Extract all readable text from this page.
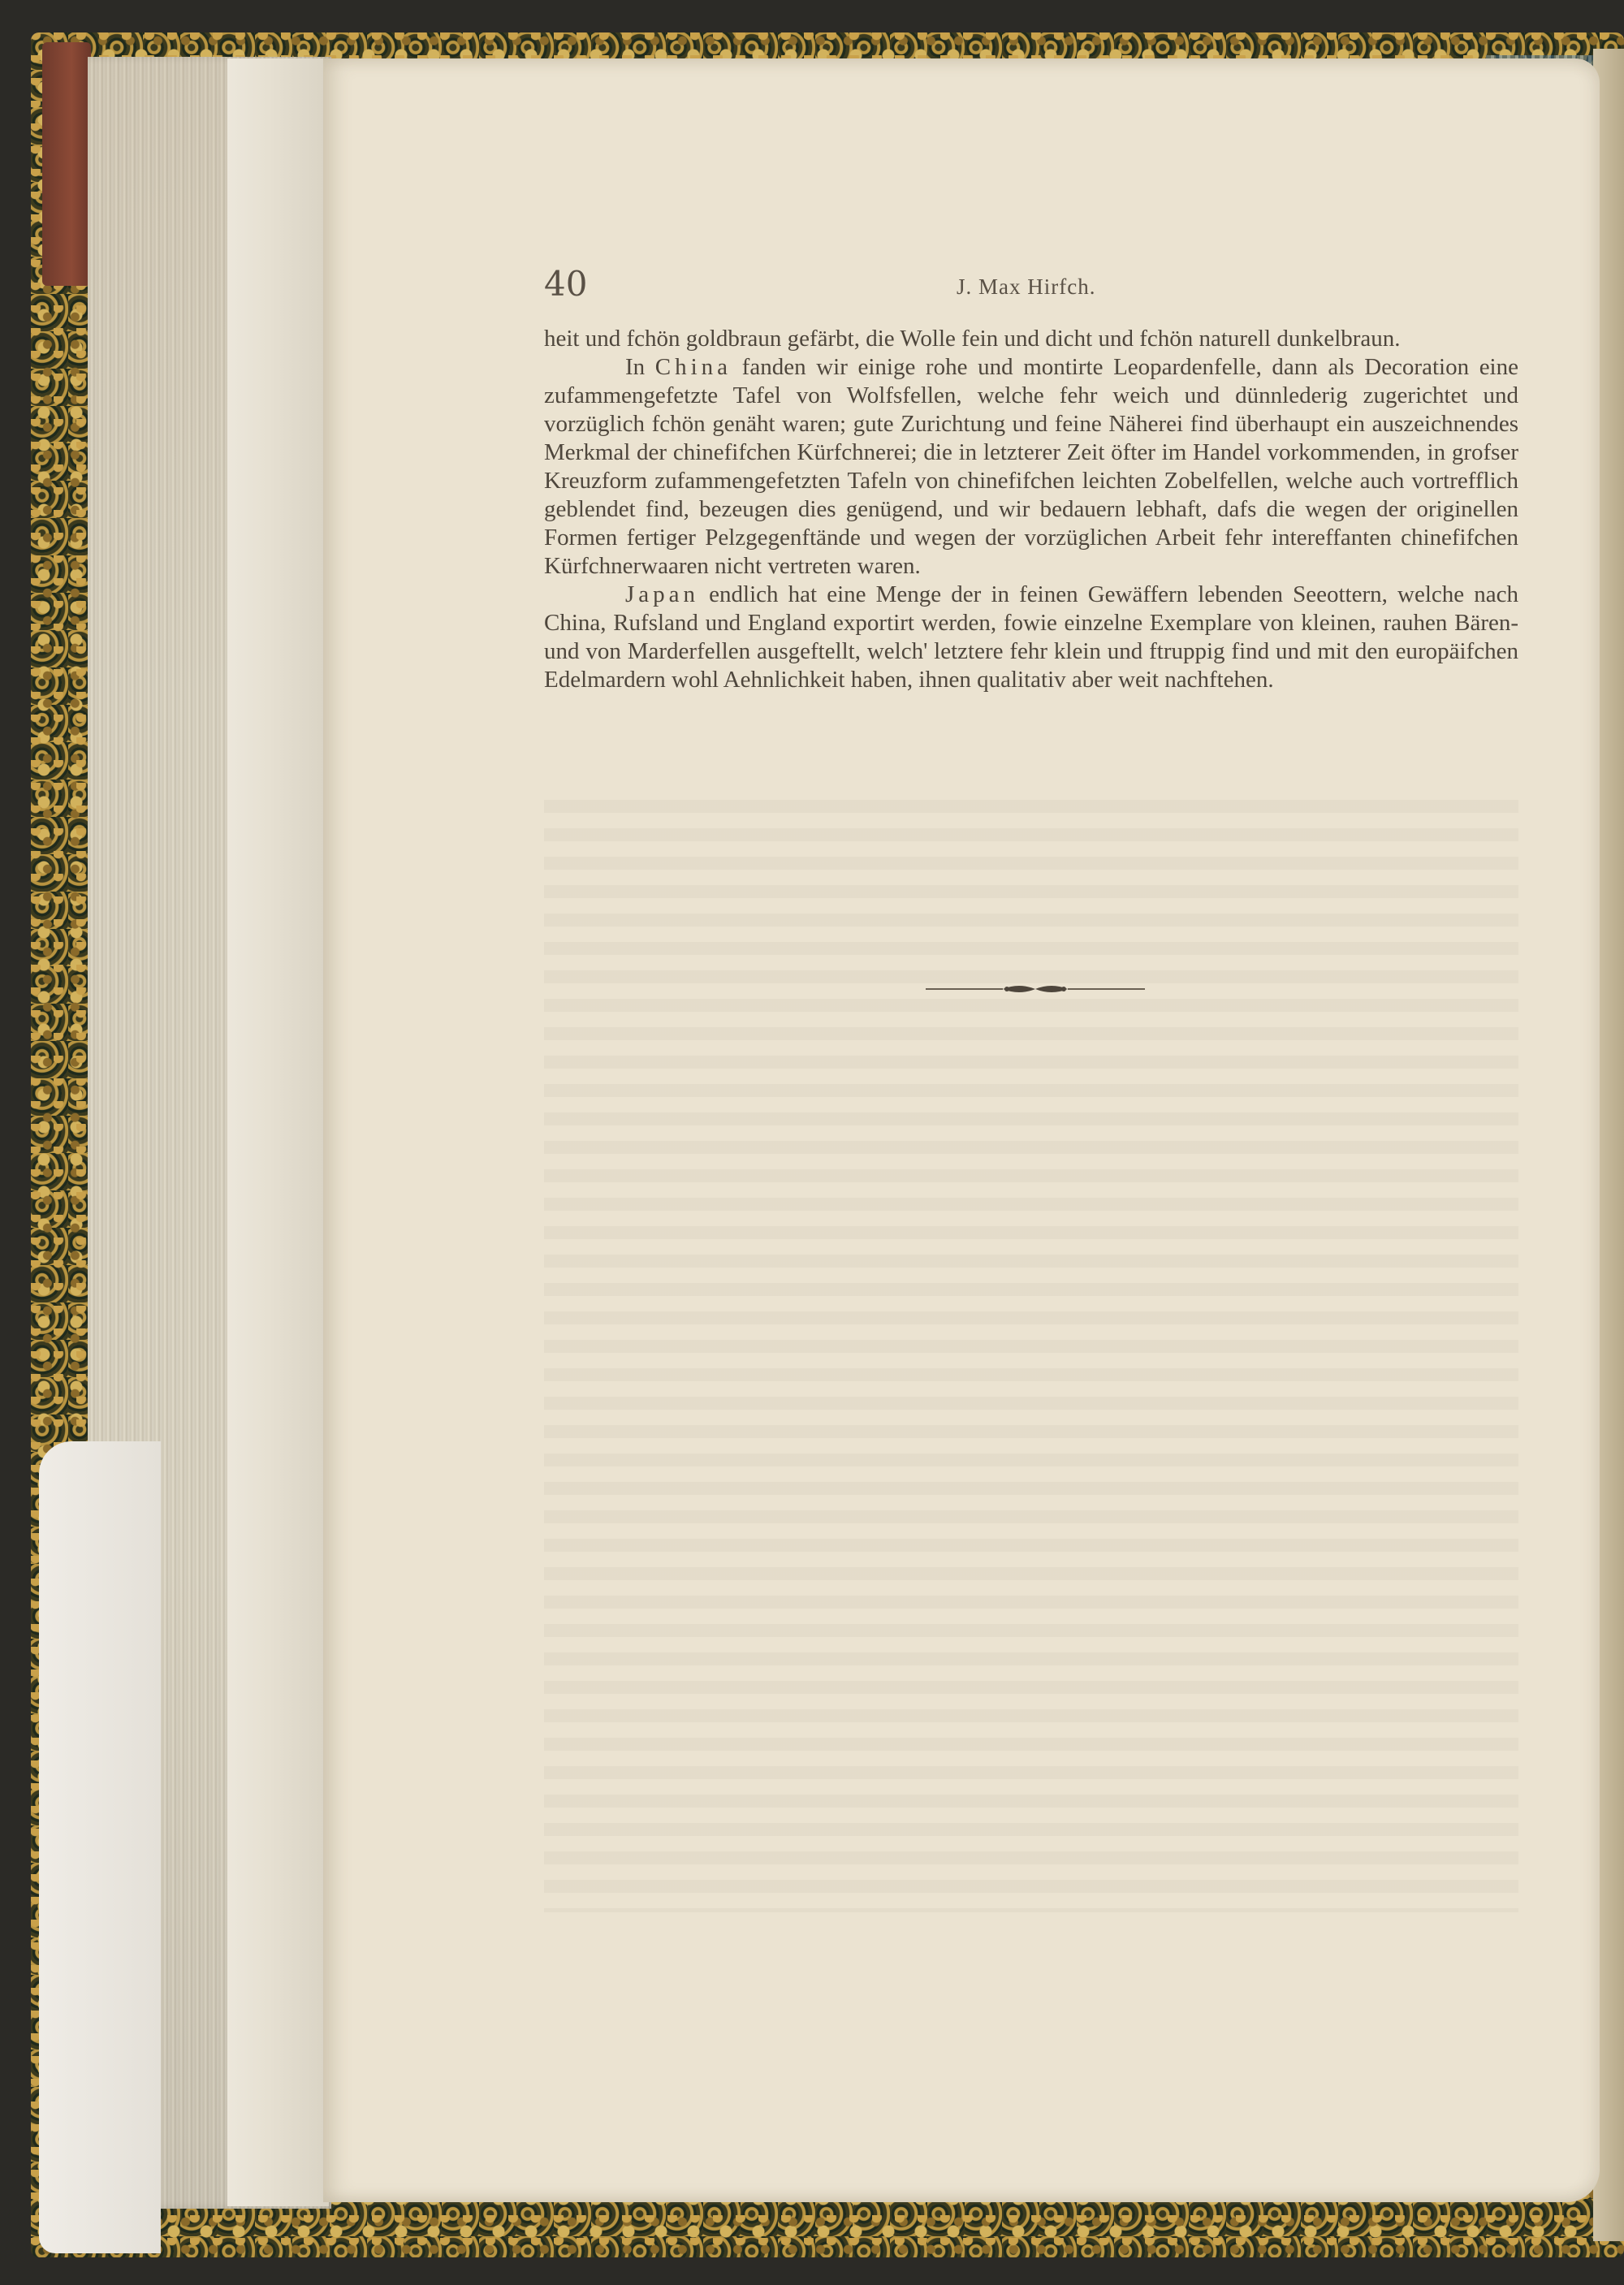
40	J. Max Hirfch.

heit und fchön goldbraun gefärbt, die Wolle fein und dicht und fchön naturell dunkelbraun.

In China fanden wir einige rohe und montirte Leopardenfelle, dann als Decoration eine zufammengefetzte Tafel von Wolfsfellen, welche fehr weich und dünnlederig zugerichtet und vorzüglich fchön genäht waren; gute Zurichtung und feine Näherei find überhaupt ein auszeichnendes Merkmal der chinefifchen Kürfchnerei; die in letzterer Zeit öfter im Handel vorkommenden, in grofser Kreuzform zufammengefetzten Tafeln von chinefifchen leichten Zobelfellen, welche auch vortrefflich geblendet find, bezeugen dies genügend, und wir bedauern lebhaft, dafs die wegen der originellen Formen fertiger Pelzgegenftände und wegen der vorzüglichen Arbeit fehr intereffanten chinefifchen Kürfchnerwaaren nicht vertreten waren.

Japan endlich hat eine Menge der in feinen Gewäffern lebenden Seeottern, welche nach China, Rufsland und England exportirt werden, fowie einzelne Exemplare von kleinen, rauhen Bären- und von Marderfellen ausgeftellt, welch' letztere fehr klein und ftruppig find und mit den europäifchen Edelmardern wohl Aehnlichkeit haben, ihnen qualitativ aber weit nachftehen.
